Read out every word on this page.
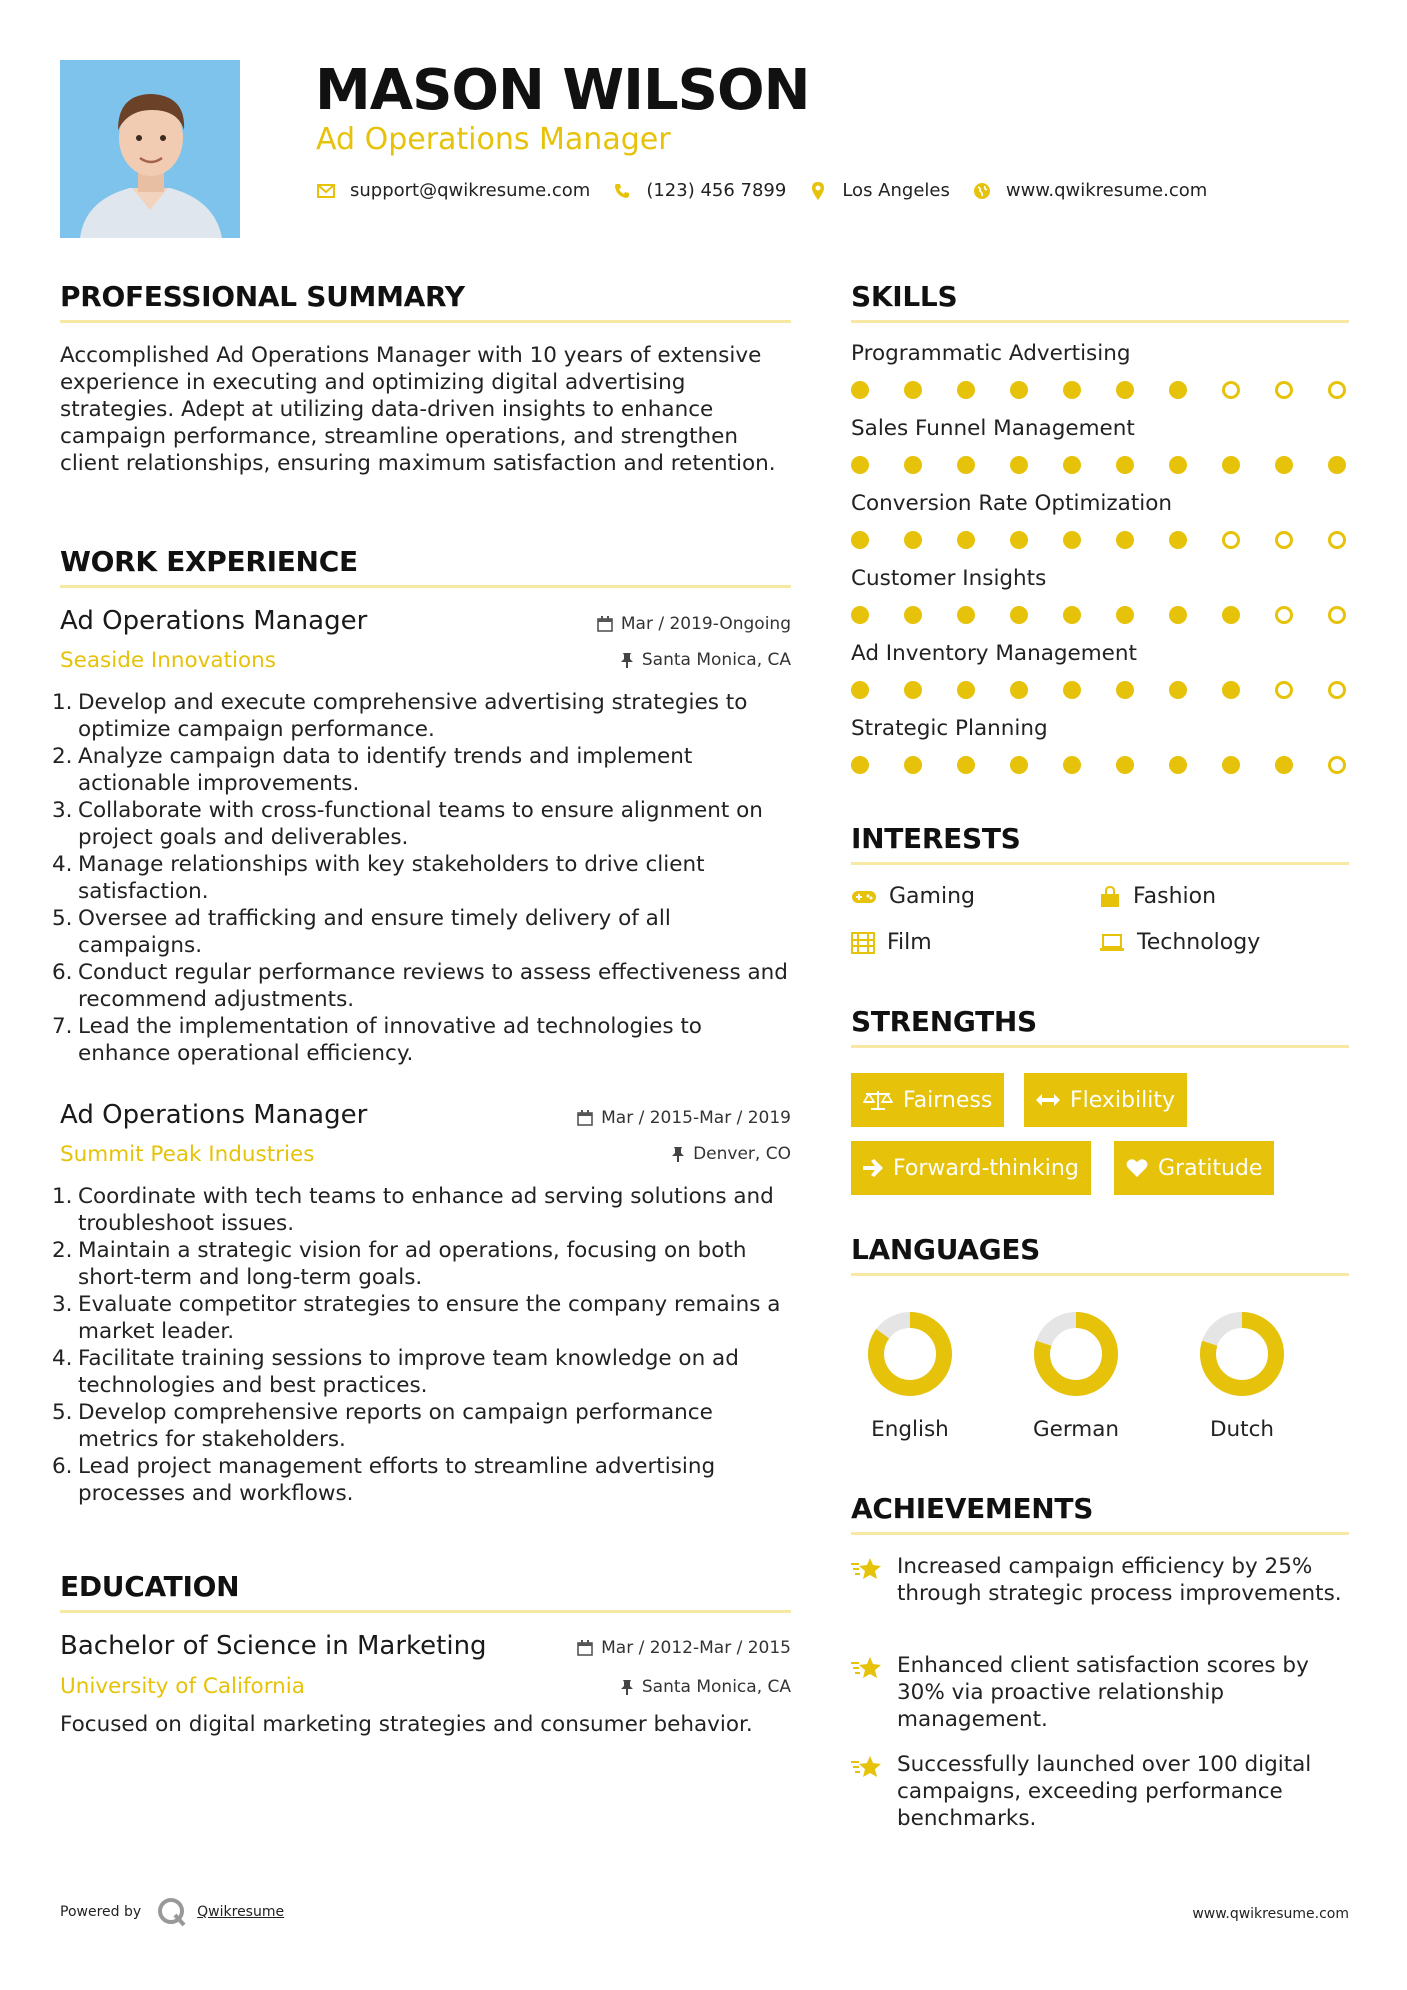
MASON WILSON
Ad Operations Manager
support@qwikresume.com	(123) 456 7899	Los Angeles	www.qwikresume.com
PROFESSIONAL SUMMARY
Accomplished Ad Operations Manager with 10 years of extensive experience in executing and optimizing digital advertising strategies. Adept at utilizing data-driven insights to enhance campaign performance, streamline operations, and strengthen client relationships, ensuring maximum satisfaction and retention.
WORK EXPERIENCE
Ad Operations Manager	Mar / 2019-Ongoing
Seaside Innovations	Santa Monica, CA
1. Develop and execute comprehensive advertising strategies to optimize campaign performance.
2. Analyze campaign data to identify trends and implement actionable improvements.
3. Collaborate with cross-functional teams to ensure alignment on project goals and deliverables.
4. Manage relationships with key stakeholders to drive client satisfaction.
5. Oversee ad trafficking and ensure timely delivery of all campaigns.
6. Conduct regular performance reviews to assess effectiveness and recommend adjustments.
7. Lead the implementation of innovative ad technologies to enhance operational efficiency.
Ad Operations Manager	Mar / 2015-Mar / 2019
Summit Peak Industries	Denver, CO
1. Coordinate with tech teams to enhance ad serving solutions and troubleshoot issues.
2. Maintain a strategic vision for ad operations, focusing on both short-term and long-term goals.
3. Evaluate competitor strategies to ensure the company remains a market leader.
4. Facilitate training sessions to improve team knowledge on ad technologies and best practices.
5. Develop comprehensive reports on campaign performance metrics for stakeholders.
6. Lead project management efforts to streamline advertising processes and workflows.
EDUCATION
Bachelor of Science in Marketing	Mar / 2012-Mar / 2015
University of California	Santa Monica, CA
Focused on digital marketing strategies and consumer behavior.
SKILLS
Programmatic Advertising
Sales Funnel Management
Conversion Rate Optimization
Customer Insights
Ad Inventory Management
Strategic Planning
INTERESTS
Gaming	Fashion
Film	Technology
STRENGTHS
Fairness	Flexibility
Forward-thinking	Gratitude
LANGUAGES
English	German	Dutch
ACHIEVEMENTS
Increased campaign efficiency by 25% through strategic process improvements.
Enhanced client satisfaction scores by 30% via proactive relationship management.
Successfully launched over 100 digital campaigns, exceeding performance benchmarks.
Powered by	Qwikresume	www.qwikresume.com
